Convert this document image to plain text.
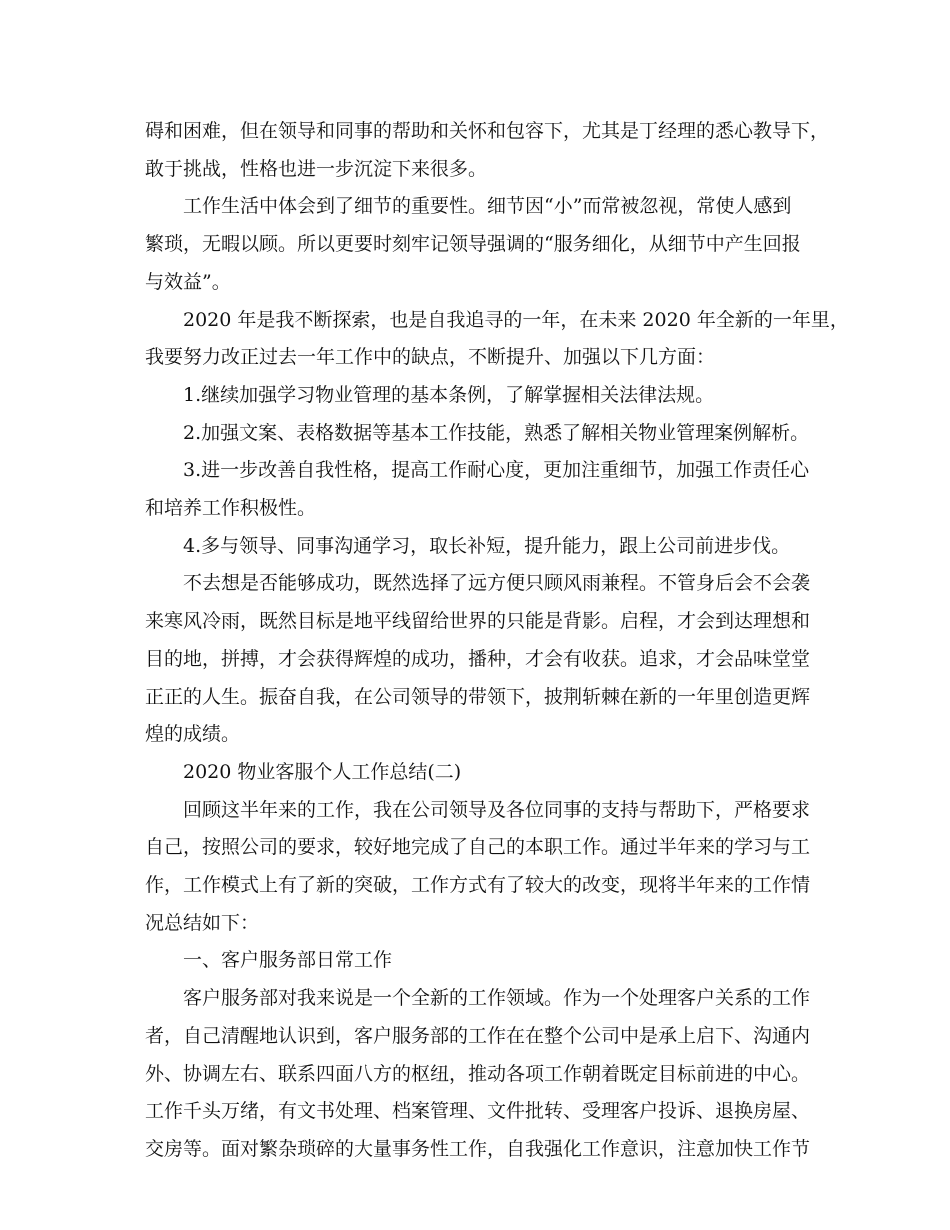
碍和困难，但在领导和同事的帮助和关怀和包容下，尤其是丁经理的悉心教导下，
敢于挑战，性格也进一步沉淀下来很多。
工作生活中体会到了细节的重要性。细节因“小”而常被忽视，常使人感到
繁琐，无暇以顾。所以更要时刻牢记领导强调的“服务细化，从细节中产生回报
与效益”。
2020 年是我不断探索，也是自我追寻的一年，在未来 2020 年全新的一年里，
我要努力改正过去一年工作中的缺点，不断提升、加强以下几方面：
1.继续加强学习物业管理的基本条例，了解掌握相关法律法规。
2.加强文案、表格数据等基本工作技能，熟悉了解相关物业管理案例解析。
3.进一步改善自我性格，提高工作耐心度，更加注重细节，加强工作责任心
和培养工作积极性。
4.多与领导、同事沟通学习，取长补短，提升能力，跟上公司前进步伐。
不去想是否能够成功，既然选择了远方便只顾风雨兼程。不管身后会不会袭
来寒风冷雨，既然目标是地平线留给世界的只能是背影。启程，才会到达理想和
目的地，拼搏，才会获得辉煌的成功，播种，才会有收获。追求，才会品味堂堂
正正的人生。振奋自我，在公司领导的带领下，披荆斩棘在新的一年里创造更辉
煌的成绩。
2020 物业客服个人工作总结(二)
回顾这半年来的工作，我在公司领导及各位同事的支持与帮助下，严格要求
自己，按照公司的要求，较好地完成了自己的本职工作。通过半年来的学习与工
作，工作模式上有了新的突破，工作方式有了较大的改变，现将半年来的工作情
况总结如下：
一、客户服务部日常工作
客户服务部对我来说是一个全新的工作领域。作为一个处理客户关系的工作
者，自己清醒地认识到，客户服务部的工作在在整个公司中是承上启下、沟通内
外、协调左右、联系四面八方的枢纽，推动各项工作朝着既定目标前进的中心。
工作千头万绪，有文书处理、档案管理、文件批转、受理客户投诉、退换房屋、
交房等。面对繁杂琐碎的大量事务性工作，自我强化工作意识，注意加快工作节
